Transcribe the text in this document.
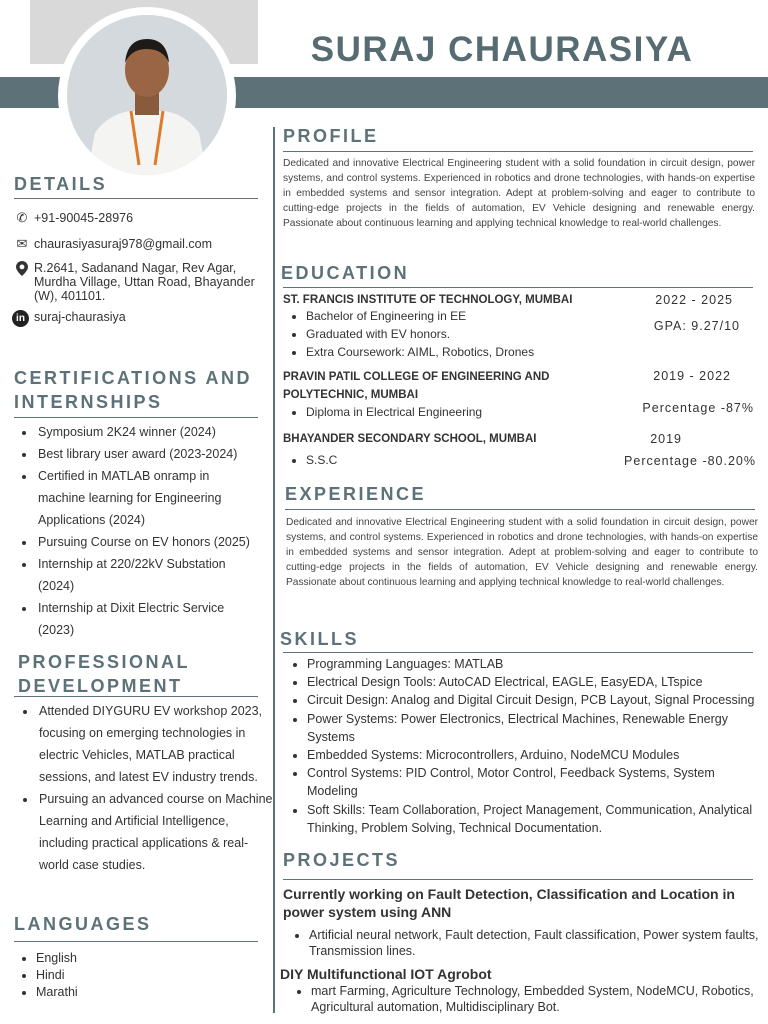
SURAJ CHAURASIYA
DETAILS
✆ +91-90045-28976
✉ chaurasiyasuraj978@gmail.com
R.2641, Sadanand Nagar, Rev Agar, Murdha Village, Uttan Road, Bhayander (W), 401101.
in suraj-chaurasiya
CERTIFICATIONS AND INTERNSHIPS
• Symposium 2K24 winner (2024)
• Best library user award (2023-2024)
• Certified in MATLAB onramp in machine learning for Engineering Applications (2024)
• Pursuing Course on EV honors (2025)
• Internship at 220/22kV Substation (2024)
• Internship at Dixit Electric Service (2023)
PROFESSIONAL DEVELOPMENT
• Attended DIYGURU EV workshop 2023, focusing on emerging technologies in electric Vehicles, MATLAB practical sessions, and latest EV industry trends.
• Pursuing an advanced course on Machine Learning and Artificial Intelligence, including practical applications & real-world case studies.
LANGUAGES
• English
• Hindi
• Marathi
PROFILE
Dedicated and innovative Electrical Engineering student with a solid foundation in circuit design, power systems, and control systems. Experienced in robotics and drone technologies, with hands-on expertise in embedded systems and sensor integration. Adept at problem-solving and eager to contribute to cutting-edge projects in the fields of automation, EV Vehicle designing and renewable energy. Passionate about continuous learning and applying technical knowledge to real-world challenges.
EDUCATION
ST. FRANCIS INSTITUTE OF TECHNOLOGY, MUMBAI	2022 - 2025
GPA: 9.27/10
• Bachelor of Engineering in EE
• Graduated with EV honors.
• Extra Coursework: AIML, Robotics, Drones
PRAVIN PATIL COLLEGE OF ENGINEERING AND POLYTECHNIC, MUMBAI
2019 - 2022
Percentage -87%
• Diploma in Electrical Engineering
BHAYANDER SECONDARY SCHOOL, MUMBAI	2019
Percentage -80.20%
• S.S.C
EXPERIENCE
Dedicated and innovative Electrical Engineering student with a solid foundation in circuit design, power systems, and control systems. Experienced in robotics and drone technologies, with hands-on expertise in embedded systems and sensor integration. Adept at problem-solving and eager to contribute to cutting-edge projects in the fields of automation, EV Vehicle designing and renewable energy. Passionate about continuous learning and applying technical knowledge to real-world challenges.
SKILLS
• Programming Languages: MATLAB
• Electrical Design Tools: AutoCAD Electrical, EAGLE, EasyEDA, LTspice
• Circuit Design: Analog and Digital Circuit Design, PCB Layout, Signal Processing
• Power Systems: Power Electronics, Electrical Machines, Renewable Energy Systems
• Embedded Systems: Microcontrollers, Arduino, NodeMCU Modules
• Control Systems: PID Control, Motor Control, Feedback Systems, System Modeling
• Soft Skills: Team Collaboration, Project Management, Communication, Analytical Thinking, Problem Solving, Technical Documentation.
PROJECTS
Currently working on Fault Detection, Classification and Location in power system using ANN
• Artificial neural network, Fault detection, Fault classification, Power system faults, Transmission lines.
DIY Multifunctional IOT Agrobot
• mart Farming, Agriculture Technology, Embedded System, NodeMCU, Robotics, Agricultural automation, Multidisciplinary Bot.
